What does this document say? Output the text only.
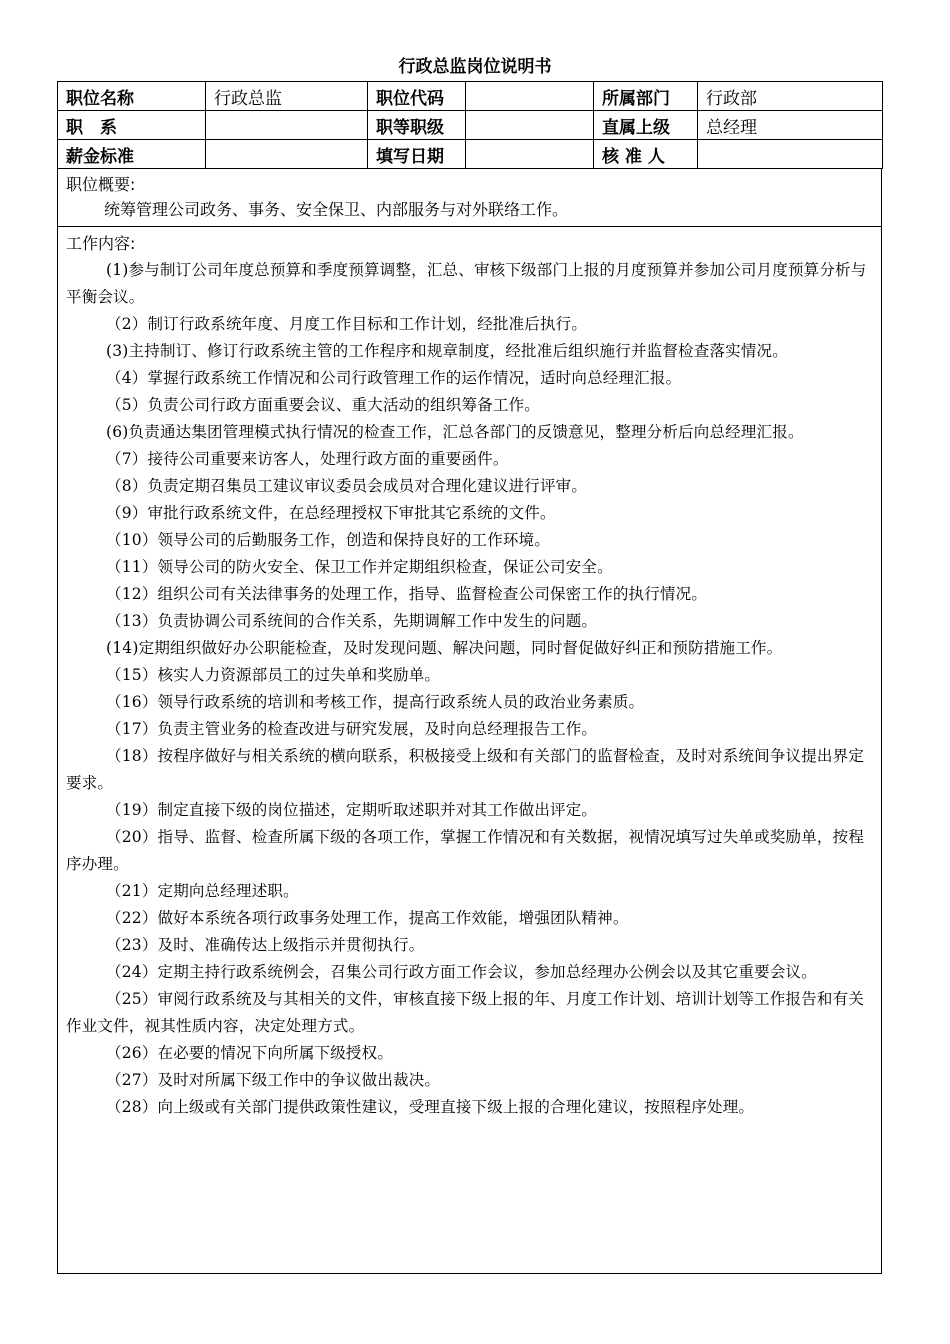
行政总监岗位说明书
职位名称	行政总监	职位代码		所属部门	行政部
职　系		职等职级		直属上级	总经理
薪金标准		填写日期		核 准 人	
职位概要:
统筹管理公司政务、事务、安全保卫、内部服务与对外联络工作。
工作内容:
(1)参与制订公司年度总预算和季度预算调整，汇总、审核下级部门上报的月度预算并参加公司月度预算分析与平衡会议。
（2）制订行政系统年度、月度工作目标和工作计划，经批准后执行。
(3)主持制订、修订行政系统主管的工作程序和规章制度，经批准后组织施行并监督检查落实情况。
（4）掌握行政系统工作情况和公司行政管理工作的运作情况，适时向总经理汇报。
（5）负责公司行政方面重要会议、重大活动的组织筹备工作。
(6)负责通达集团管理模式执行情况的检查工作，汇总各部门的反馈意见，整理分析后向总经理汇报。
（7）接待公司重要来访客人，处理行政方面的重要函件。
（8）负责定期召集员工建议审议委员会成员对合理化建议进行评审。
（9）审批行政系统文件，在总经理授权下审批其它系统的文件。
（10）领导公司的后勤服务工作，创造和保持良好的工作环境。
（11）领导公司的防火安全、保卫工作并定期组织检查，保证公司安全。
（12）组织公司有关法律事务的处理工作，指导、监督检查公司保密工作的执行情况。
（13）负责协调公司系统间的合作关系，先期调解工作中发生的问题。
(14)定期组织做好办公职能检查，及时发现问题、解决问题，同时督促做好纠正和预防措施工作。
（15）核实人力资源部员工的过失单和奖励单。
（16）领导行政系统的培训和考核工作，提高行政系统人员的政治业务素质。
（17）负责主管业务的检查改进与研究发展，及时向总经理报告工作。
（18）按程序做好与相关系统的横向联系，积极接受上级和有关部门的监督检查，及时对系统间争议提出界定要求。
（19）制定直接下级的岗位描述，定期听取述职并对其工作做出评定。
（20）指导、监督、检查所属下级的各项工作，掌握工作情况和有关数据，视情况填写过失单或奖励单，按程序办理。
（21）定期向总经理述职。
（22）做好本系统各项行政事务处理工作，提高工作效能，增强团队精神。
（23）及时、准确传达上级指示并贯彻执行。
（24）定期主持行政系统例会，召集公司行政方面工作会议，参加总经理办公例会以及其它重要会议。
（25）审阅行政系统及与其相关的文件，审核直接下级上报的年、月度工作计划、培训计划等工作报告和有关作业文件，视其性质内容，决定处理方式。
（26）在必要的情况下向所属下级授权。
（27）及时对所属下级工作中的争议做出裁决。
（28）向上级或有关部门提供政策性建议，受理直接下级上报的合理化建议，按照程序处理。
